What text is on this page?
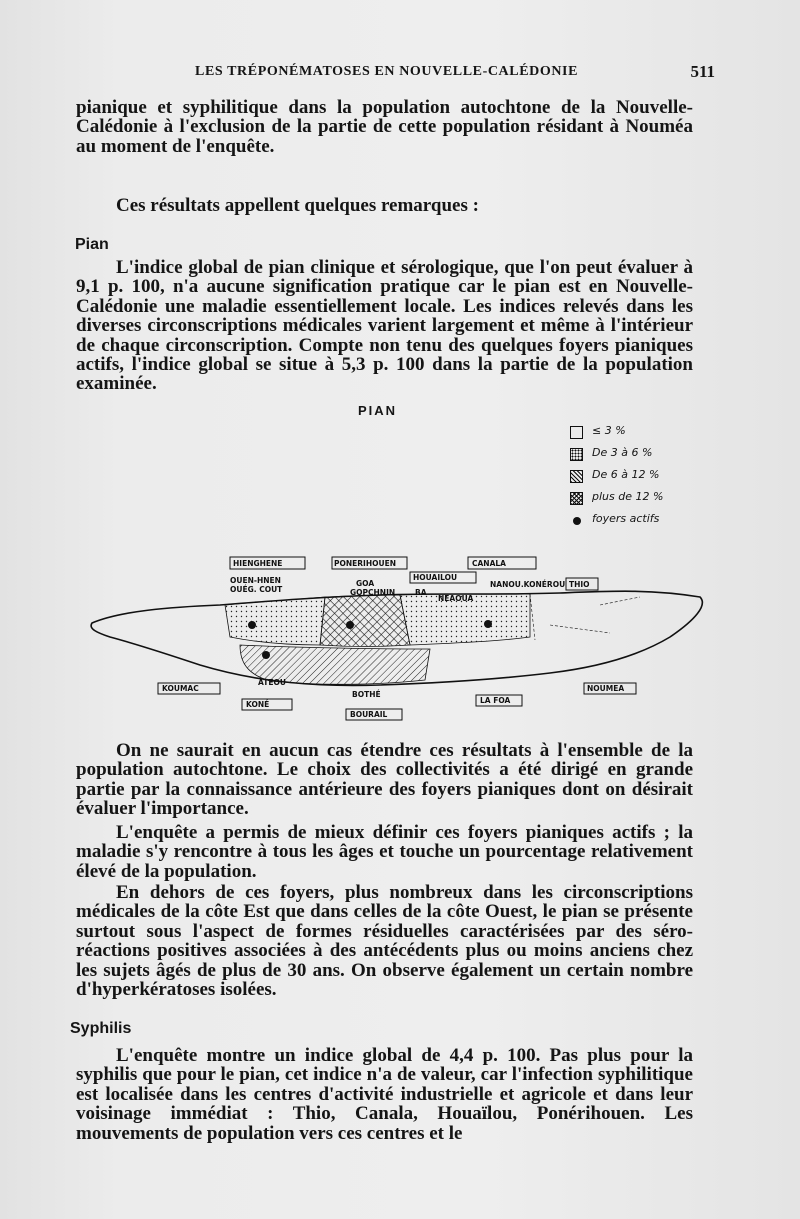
LES TRÉPONÉMATOSES EN NOUVELLE-CALÉDONIE	511

pianique et syphilitique dans la population autochtone de la Nouvelle-Calédonie à l'exclusion de la partie de cette population résidant à Nouméa au moment de l'enquête.

Ces résultats appellent quelques remarques :

Pian

L'indice global de pian clinique et sérologique, que l'on peut évaluer à 9,1 p. 100, n'a aucune signification pratique car le pian est en Nouvelle-Calédonie une maladie essentiellement locale. Les indices relevés dans les diverses circonscriptions médicales varient largement et même à l'intérieur de chaque circonscription. Compte non tenu des quelques foyers pianiques actifs, l'indice global se situe à 5,3 p. 100 dans la partie de la population examinée.

PIAN
≤ 3 %
De 3 à 6 %
De 6 à 12 %
plus de 12 %
foyers actifs
HIENGHENE	PONERIHOUEN	CANALA
HOUAILOU
THIO
KOUMAC
KONÉ
BOURAIL
LA FOA
NOUMEA
OUEN-HNEN
OUÉG. COUT
GOA
GOPCHNIN	BA
NEAOUA
NANOU.KONÉROU
ATEOU
BOTHÉ

On ne saurait en aucun cas étendre ces résultats à l'ensemble de la population autochtone. Le choix des collectivités a été dirigé en grande partie par la connaissance antérieure des foyers pianiques dont on désirait évaluer l'importance.

L'enquête a permis de mieux définir ces foyers pianiques actifs ; la maladie s'y rencontre à tous les âges et touche un pourcentage relativement élevé de la population.

En dehors de ces foyers, plus nombreux dans les circonscriptions médicales de la côte Est que dans celles de la côte Ouest, le pian se présente surtout sous l'aspect de formes résiduelles caractérisées par des séro-réactions positives associées à des antécédents plus ou moins anciens chez les sujets âgés de plus de 30 ans. On observe également un certain nombre d'hyperkératoses isolées.

Syphilis

L'enquête montre un indice global de 4,4 p. 100. Pas plus pour la syphilis que pour le pian, cet indice n'a de valeur, car l'infection syphilitique est localisée dans les centres d'activité industrielle et agricole et dans leur voisinage immédiat : Thio, Canala, Houaïlou, Ponérihouen. Les mouvements de population vers ces centres et le
